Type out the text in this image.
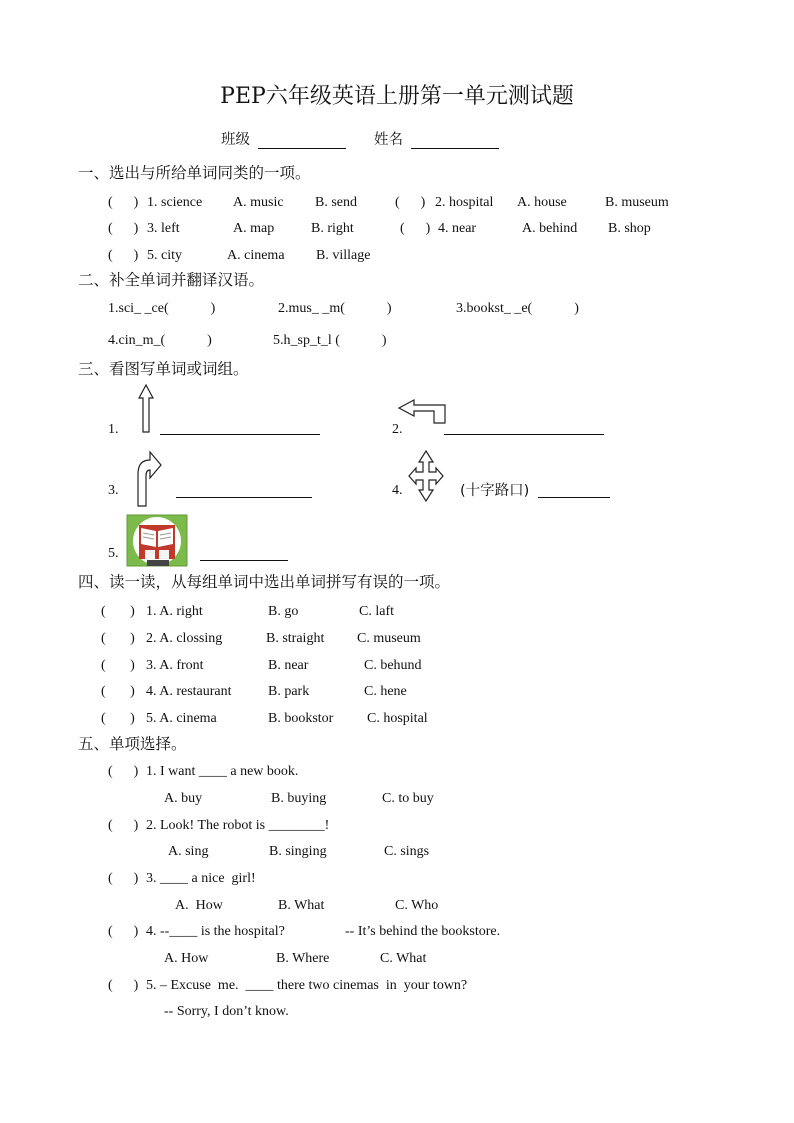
PEP六年级英语上册第一单元测试题
班级	姓名
一、选出与所给单词同类的一项。
(      ) 1. science A. music B. send	(      ) 2. hospital A. house	B. museum
(      ) 3. left	A. map	B. right	(      ) 4. near	A. behind B. shop
(      ) 5. city	A. cinema B. village
二、补全单词并翻译汉语。
1.sci_ _ce(            )	2.mus_ _m(            )	3.bookst_ _e(            )
4.cin_m_(            )	5.h_sp_t_l (            )
三、看图写单词或词组。
1.	2.
3.	4.	(十字路口)
5.
四、读一读，从每组单词中选出单词拼写有误的一项。
(       ) 1. A. right	B. go	C. laft
(       ) 2. A. clossing	B. straight C. museum
(       ) 3. A. front	B. near	C. behund
(       ) 4. A. restaurant	B. park	C. hene
(       ) 5. A. cinema	B. bookstor C. hospital
五、单项选择。
(      ) 1. I want ____ a new book.
A. buy	B. buying	C. to buy
(      ) 2. Look! The robot is ________!
A. sing	B. singing	C. sings
(      ) 3. ____ a nice  girl!
A.  How	B. What	C. Who
(      ) 4. --____ is the hospital?	-- It’s behind the bookstore.
A. How	B. Where	C. What
(      ) 5. – Excuse  me.  ____ there two cinemas  in  your town?
-- Sorry, I don’t know.
